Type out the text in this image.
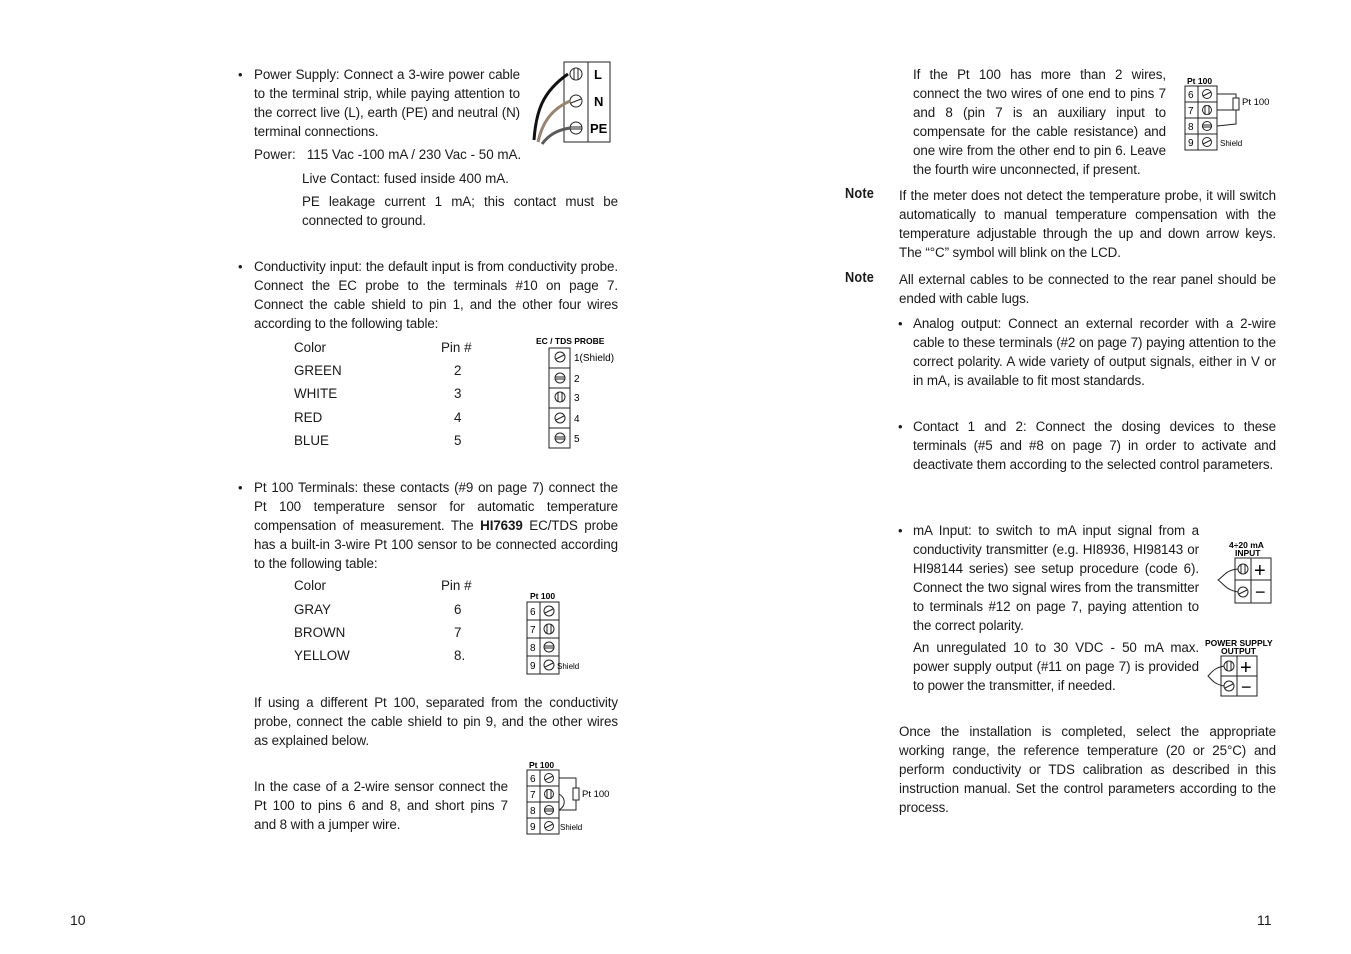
• Power Supply: Connect a 3-wire power cable to the terminal strip, while paying attention to the correct live (L), earth (PE) and neutral (N) terminal connections.
Power:   115 Vac -100 mA / 230 Vac - 50 mA.
Live Contact: fused inside 400 mA.
PE leakage current 1 mA; this contact must be connected to ground.
L
N
PE
• Conductivity input: the default input is from conductivity probe. Connect the EC probe to the terminals #10 on page 7. Connect the cable shield to pin 1, and the other four wires according to the following table:
Color	Pin #
GREEN	2
WHITE	3
RED	4
BLUE	5
EC / TDS PROBE
1(Shield)
2
3
4
5
• Pt 100 Terminals: these contacts (#9 on page 7) connect the Pt 100 temperature sensor for automatic temperature compensation of measurement. The HI7639 EC/TDS probe has a built-in 3-wire Pt 100 sensor to be connected according to the following table:
Color	Pin #
GRAY	6
BROWN	7
YELLOW	8.
Pt 100
6
7
8
9	Shield
If using a different Pt 100, separated from the conductivity probe, connect the cable shield to pin 9, and the other wires as explained below.
In the case of a 2-wire sensor connect the Pt 100 to pins 6 and 8, and short pins 7 and 8 with a jumper wire.
Pt 100
6
7
8
9
Pt 100
Shield
10
If the Pt 100 has more than 2 wires, connect the two wires of one end to pins 7 and 8 (pin 7 is an auxiliary input to compensate for the cable resistance) and one wire from the other end to pin 6. Leave the fourth wire unconnected, if present.
Pt 100
6
7
8
9
Pt 100
Shield
Note If the meter does not detect the temperature probe, it will switch automatically to manual temperature compensation with the temperature adjustable through the up and down arrow keys. The “°C” symbol will blink on the LCD.
Note All external cables to be connected to the rear panel should be ended with cable lugs.
• Analog output: Connect an external recorder with a 2-wire cable to these terminals (#2 on page 7) paying attention to the correct polarity. A wide variety of output signals, either in V or in mA, is available to fit most standards.
• Contact 1 and 2: Connect the dosing devices to these terminals (#5 and #8 on page 7) in order to activate and deactivate them according to the selected control parameters.
• mA Input: to switch to mA input signal from a conductivity transmitter (e.g. HI8936, HI98143 or HI98144 series) see setup procedure (code 6). Connect the two signal wires from the transmitter to terminals #12 on page 7, paying attention to the correct polarity.
4÷20 mA
INPUT
+
−
An unregulated 10 to 30 VDC - 50 mA max. power supply output (#11 on page 7) is provided to power the transmitter, if needed.
POWER SUPPLY
OUTPUT
+
−
Once the installation is completed, select the appropriate working range, the reference temperature (20 or 25°C) and perform conductivity or TDS calibration as described in this instruction manual. Set the control parameters according to the process.
11
